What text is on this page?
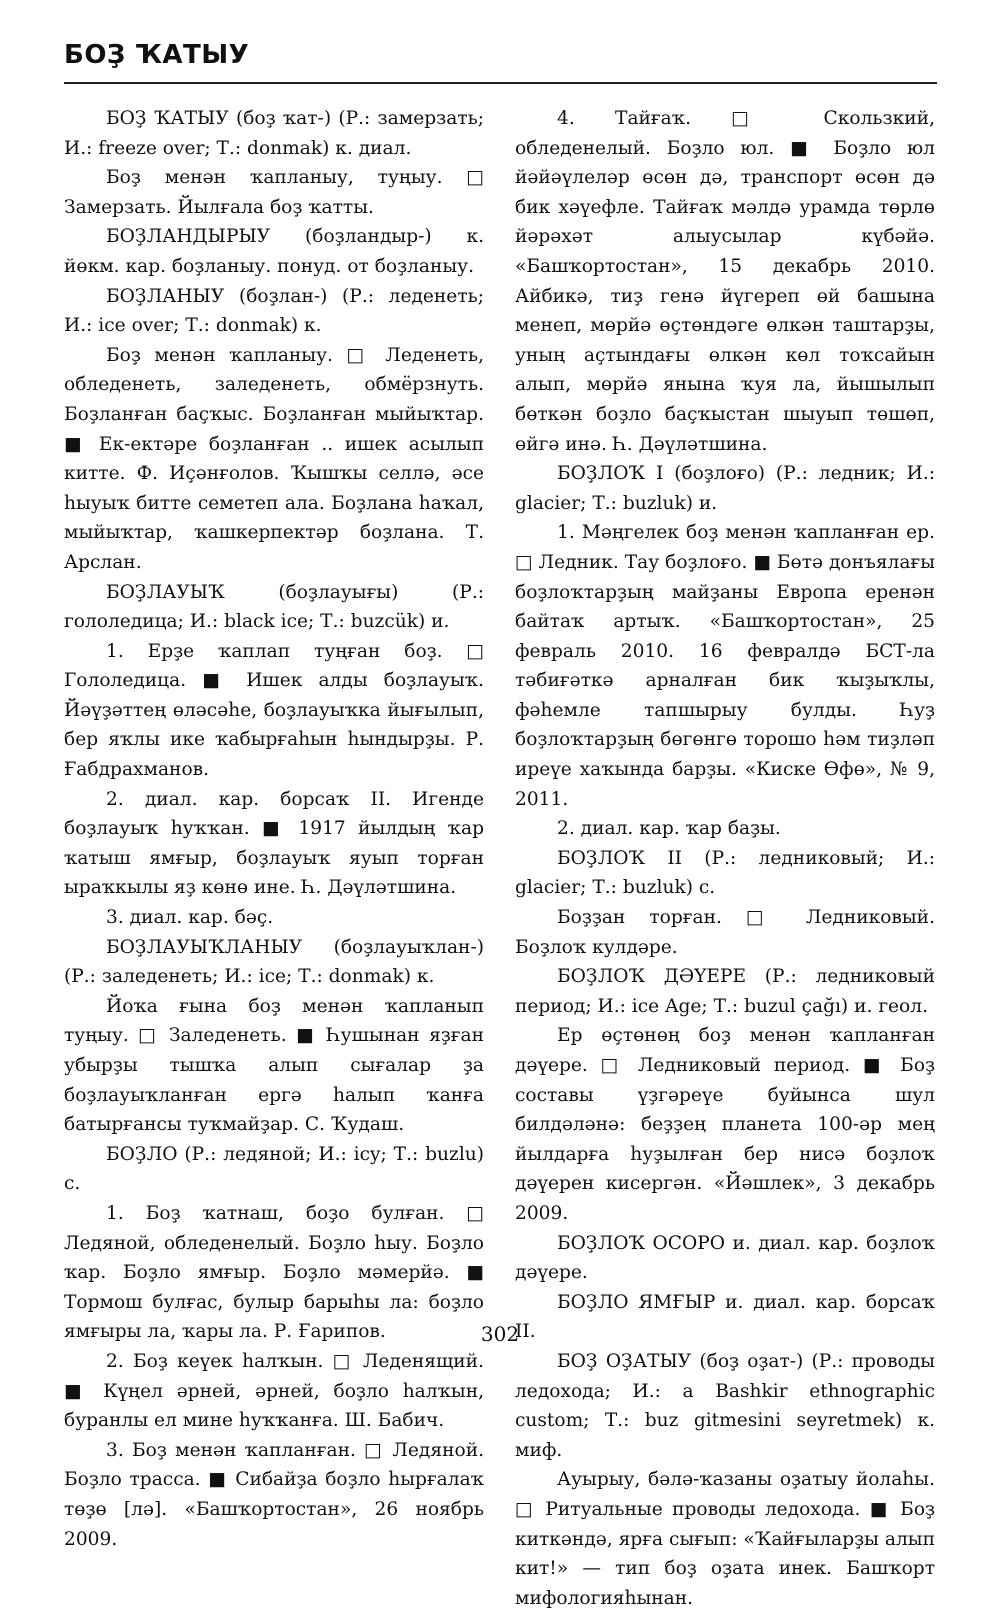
БОҘ ҠАТЫУ

БОҘ ҠАТЫУ (боҙ ҡат-) (Р.: замерзать; И.: freeze over; Т.: donmak) к. диал.

Боҙ менән ҡапланыу, туңыу. □ Замерзать. Йылғала боҙ ҡатты.

БОҘЛАНДЫРЫУ (боҙландыр-) к. йөкм. кар. боҙланыу. понуд. от боҙланыу.

БОҘЛАНЫУ (боҙлан-) (Р.: леденеть; И.: ice over; Т.: donmak) к.

Боҙ менән ҡапланыу. □ Леденеть, обледенеть, заледенеть, обмёрзнуть. Боҙланған баҫҡыс. Боҙланған мыйыҡтар. ■ Ек-ектәре боҙланған .. ишек асылып китте. Ф. Иҫәнғолов. Ҡышҡы селлә, әсе һыуыҡ битте семетеп ала. Боҙлана һаҡал, мыйыҡтар, ҡашкерпектәр боҙлана. Т. Арслан.

БОҘЛАУЫҠ (боҙлауығы) (Р.: гололедица; И.: black ice; Т.: buzcük) и.

1. Ерҙе ҡаплап туңған боҙ. □ Гололедица. ■ Ишек алды боҙлауыҡ. Йәүҙәттең өләсәһе, боҙлауыҡка йығылып, бер яҡлы ике ҡабырғаһын һындырҙы. Р. Ғабдрахманов.

2. диал. кар. борсаҡ II. Игенде боҙлауыҡ һуҡҡан. ■ 1917 йылдың ҡар ҡатыш ямғыр, боҙлауыҡ яуып торған ыраҡкылы яҙ көнө ине. Һ. Дәүләтшина.

3. диал. кар. бәҫ.

БОҘЛАУЫҠЛАНЫУ (боҙлауыҡлан-) (Р.: заледенеть; И.: ice; Т.: donmak) к.

Йоҡа ғына боҙ менән ҡапланып туңыу. □ Заледенеть. ■ Һушынан яҙған убырҙы тышҡа алып сығалар ҙа боҙлауыҡланған ергә һалып ҡанға батырғансы туҡмайҙар. С. Ҡудаш.

БОҘЛО (Р.: ледяной; И.: icy; Т.: buzlu) с.

1. Боҙ ҡатнаш, боҙо булған. □ Ледяной, обледенелый. Боҙло һыу. Боҙло ҡар. Боҙло ямғыр. Боҙло мәмерйә. ■ Тормош булғас, булыр барыһы ла: боҙло ямғыры ла, ҡары ла. Р. Ғарипов.

2. Боҙ кеүек һалҡын. □ Леденящий. ■ Күңел әрней, әрней, боҙло һалҡын, буранлы ел мине һуҡҡанға. Ш. Бабич.

3. Боҙ менән ҡапланған. □ Ледяной. Боҙло трасса. ■ Сибайҙа боҙло һырғалаҡ төҙө [лә]. «Башҡортостан», 26 ноябрь 2009.

4. Тайғаҡ. □ Скользкий, обледенелый. Боҙло юл. ■ Боҙло юл йәйәүлеләр өсөн дә, транспорт өсөн дә бик хәүефле. Тайғаҡ мәлдә урамда төрлө йәрәхәт алыусылар күбәйә. «Башҡортостан», 15 декабрь 2010. Айбикә, тиҙ генә йүгереп өй башына менеп, мөрйә өҫтөндәге өлкән таштарҙы, уның аҫтындағы өлкән көл тоҡсайын алып, мөрйә янына ҡуя ла, йышылып бөткән боҙло баҫҡыстан шыуып төшөп, өйгә инә. Һ. Дәүләтшина.

БОҘЛОҠ I (боҙлоғо) (Р.: ледник; И.: glacier; Т.: buzluk) и.

1. Мәңгелек боҙ менән ҡапланған ер. □ Ледник. Тау боҙлоғо. ■ Бөтә донъялағы боҙлоҡтарҙың майҙаны Европа еренән байтаҡ артыҡ. «Башҡортостан», 25 февраль 2010. 16 февралдә БСТ-ла тәбиғәткә арналған бик ҡыҙыҡлы, фәһемле тапшырыу булды. Һуҙ боҙлоҡтарҙың бөгөнгө торошо һәм тиҙләп иреүе хаҡында барҙы. «Киске Өфө», № 9, 2011.

2. диал. кар. ҡар баҙы.

БОҘЛОҠ II (Р.: ледниковый; И.: glacier; Т.: buzluk) с.

Боҙҙан торған. □ Ледниковый. Боҙлоҡ кулдәре.

БОҘЛОҠ ДӘҮЕРЕ (Р.: ледниковый период; И.: ice Age; Т.: buzul çağı) и. геол.

Ер өҫтөнөң боҙ менән ҡапланған дәүере. □ Ледниковый период. ■ Боҙ составы үҙгәреүе буйынса шул билдәләнә: беҙҙең планета 100-әр мең йылдарға һуҙылған бер нисә боҙлоҡ дәүерен кисергән. «Йәшлек», 3 декабрь 2009.

БОҘЛОҠ ОСОРО и. диал. кар. боҙлоҡ дәүере.

БОҘЛО ЯМҒЫР и. диал. кар. борсаҡ II.

БОҘ ОҘАТЫУ (боҙ оҙат-) (Р.: проводы ледохода; И.: a Bashkir ethnographic custom; Т.: buz gitmesini seyretmek) к. миф.

Ауырыу, бәлә-ҡазаны оҙатыу йолаһы. □ Ритуальные проводы ледохода. ■ Боҙ киткәндә, ярға сығып: «Ҡайғыларҙы алып кит!» — тип боҙ оҙата инек. Башҡорт мифологияһынан.

302
